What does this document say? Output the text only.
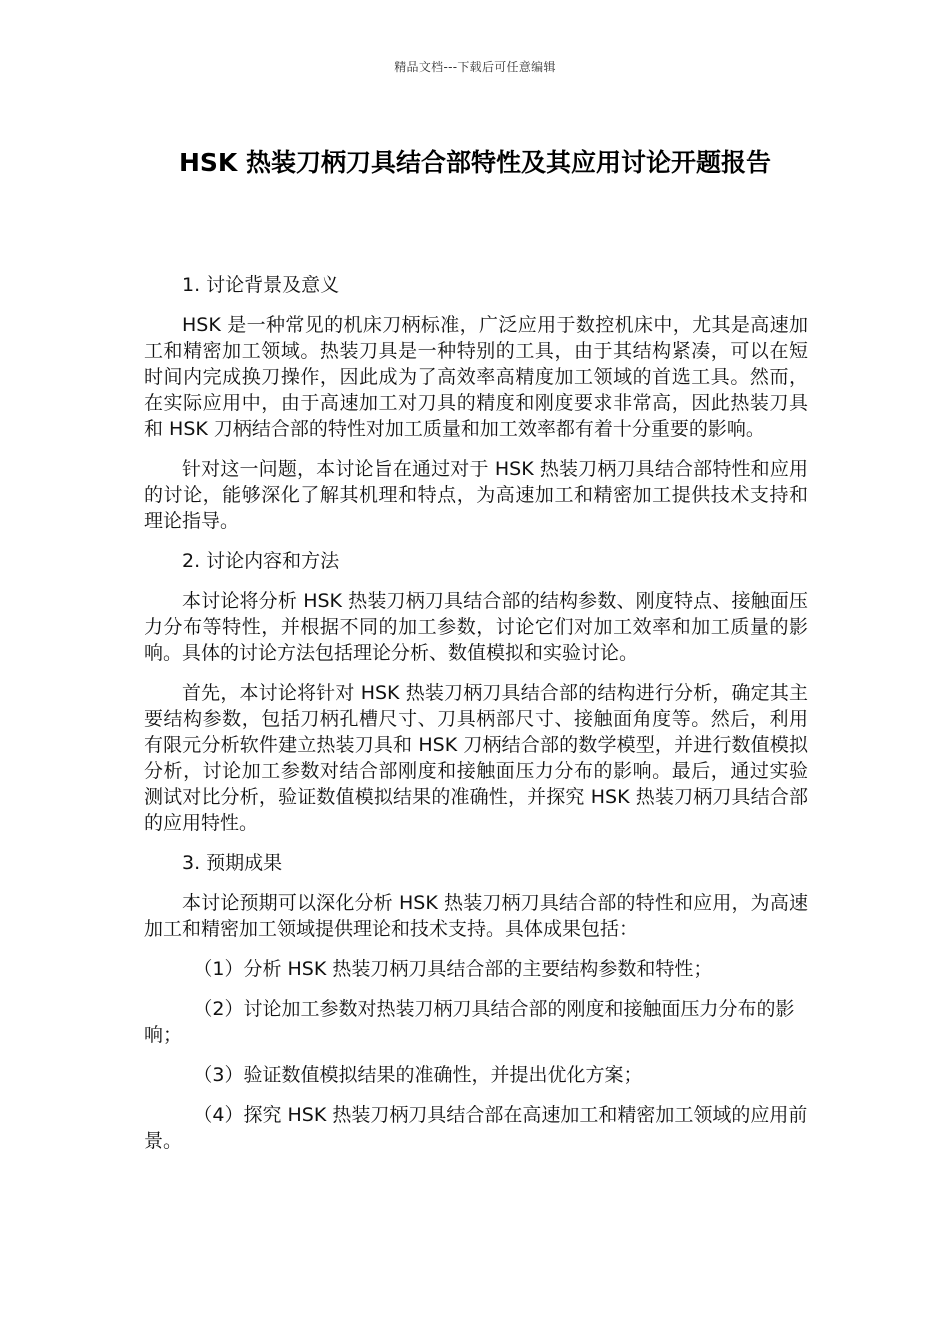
精品文档---下载后可任意编辑
HSK 热装刀柄刀具结合部特性及其应用讨论开题报告
1. 讨论背景及意义

HSK 是一种常见的机床刀柄标准，广泛应用于数控机床中，尤其是高速加工和精密加工领域。热装刀具是一种特别的工具，由于其结构紧凑，可以在短时间内完成换刀操作，因此成为了高效率高精度加工领域的首选工具。然而，在实际应用中，由于高速加工对刀具的精度和刚度要求非常高，因此热装刀具和 HSK 刀柄结合部的特性对加工质量和加工效率都有着十分重要的影响。

针对这一问题，本讨论旨在通过对于 HSK 热装刀柄刀具结合部特性和应用的讨论，能够深化了解其机理和特点，为高速加工和精密加工提供技术支持和理论指导。

2. 讨论内容和方法

本讨论将分析 HSK 热装刀柄刀具结合部的结构参数、刚度特点、接触面压力分布等特性，并根据不同的加工参数，讨论它们对加工效率和加工质量的影响。具体的讨论方法包括理论分析、数值模拟和实验讨论。

首先，本讨论将针对 HSK 热装刀柄刀具结合部的结构进行分析，确定其主要结构参数，包括刀柄孔槽尺寸、刀具柄部尺寸、接触面角度等。然后，利用有限元分析软件建立热装刀具和 HSK 刀柄结合部的数学模型，并进行数值模拟分析，讨论加工参数对结合部刚度和接触面压力分布的影响。最后，通过实验测试对比分析，验证数值模拟结果的准确性，并探究 HSK 热装刀柄刀具结合部的应用特性。

3. 预期成果

本讨论预期可以深化分析 HSK 热装刀柄刀具结合部的特性和应用，为高速加工和精密加工领域提供理论和技术支持。具体成果包括：

（1）分析 HSK 热装刀柄刀具结合部的主要结构参数和特性；

（2）讨论加工参数对热装刀柄刀具结合部的刚度和接触面压力分布的影响；

（3）验证数值模拟结果的准确性，并提出优化方案；

（4）探究 HSK 热装刀柄刀具结合部在高速加工和精密加工领域的应用前景。
